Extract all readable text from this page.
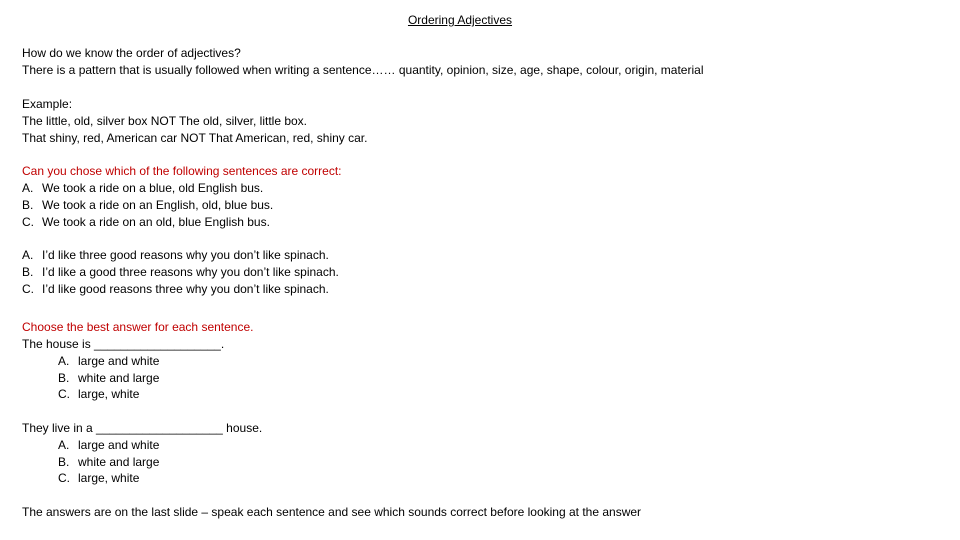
Ordering Adjectives
How do we know the order of adjectives?
There is a pattern that is usually followed when writing a sentence…… quantity, opinion, size, age, shape, colour, origin, material
Example:
The little, old, silver box NOT The old, silver, little box.
That shiny, red, American car NOT That American, red, shiny car.
Can you chose which of the following sentences are correct:
A. We took a ride on a blue, old English bus.
B. We took a ride on an English, old, blue bus.
C. We took a ride on an old, blue English bus.
A. I’d like three good reasons why you don’t like spinach.
B. I’d like a good three reasons why you don’t like spinach.
C. I’d like good reasons three why you don’t like spinach.
Choose the best answer for each sentence.
The house is ___________________.
A. large and white
B. white and large
C. large, white
They live in a ___________________ house.
A. large and white
B. white and large
C. large, white
The answers are on the last slide – speak each sentence and see which sounds correct before looking at the answer
